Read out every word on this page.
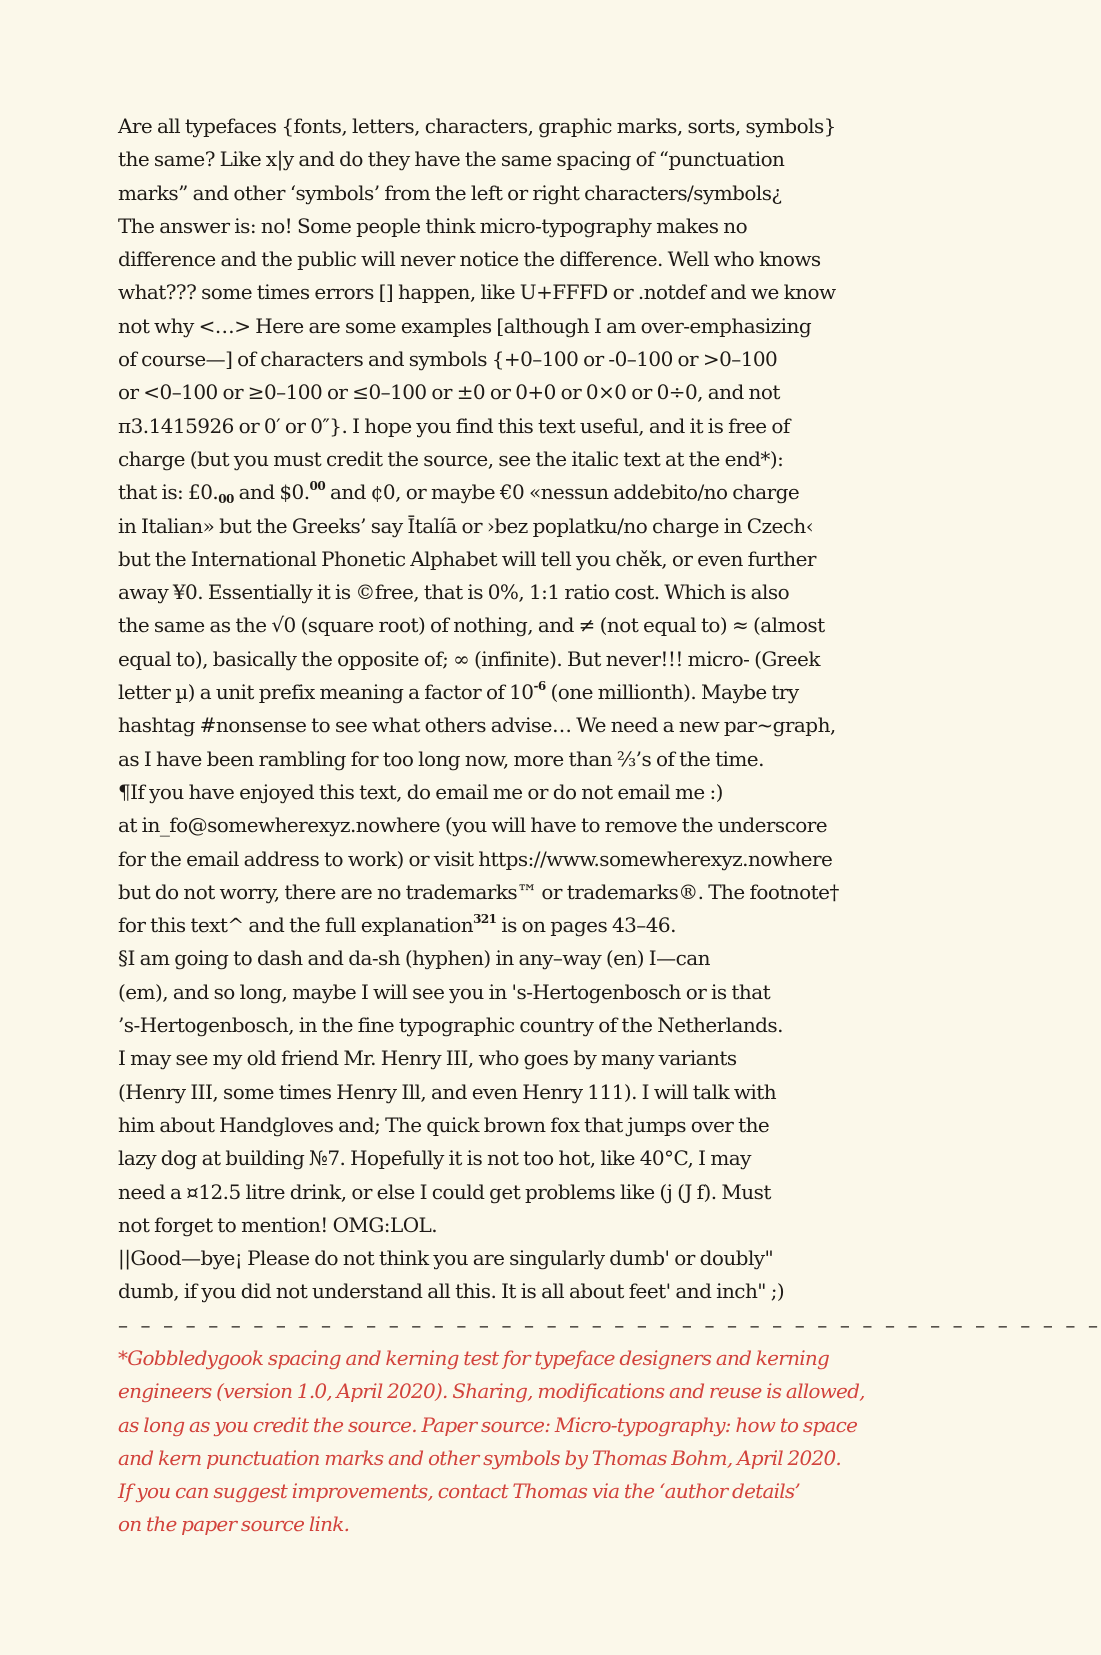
Are all typefaces {fonts, letters, characters, graphic marks, sorts, symbols}
the same? Like x|y and do they have the same spacing of “punctuation
marks” and other ‘symbols’ from the left or right characters/symbols¿
The answer is: no! Some people think micro-typography makes no
difference and the public will never notice the difference. Well who knows
what??? some times errors [] happen, like U+FFFD or .notdef and we know
not why <…> Here are some examples [although I am over-emphasizing
of course—] of characters and symbols {+0–100 or -0–100 or >0–100
or <0–100 or ≥0–100 or ≤0–100 or ±0 or 0+0 or 0×0 or 0÷0, and not
π3.1415926 or 0′ or 0″}. I hope you find this text useful, and it is free of
charge (but you must credit the source, see the italic text at the end*):
that is: $£0._{00}$ and $0.00 and ¢0, or maybe €0 «nessun addebito/no charge
in Italian» but the Greeks’ say Ītalíā or ›bez poplatku/no charge in Czech‹
but the International Phonetic Alphabet will tell you chěk, or even further
away ¥0. Essentially it is ©free, that is 0%, 1:1 ratio cost. Which is also
the same as the √0 (square root) of nothing, and ≠ (not equal to) ≈ (almost
equal to), basically the opposite of; ∞ (infinite). But never!!! micro- (Greek
letter µ) a unit prefix meaning a factor of $10^{-6}$ (one millionth). Maybe try
hashtag #nonsense to see what others advise… We need a new par~graph,
as I have been rambling for too long now, more than ⅔’s of the time.
¶If you have enjoyed this text, do email me or do not email me :)
at in_fo@somewherexyz.nowhere (you will have to remove the underscore
for the email address to work) or visit https://www.somewherexyz.nowhere
but do not worry, there are no trademarks™ or trademarks®. The footnote†
for this text^ and the full explanation$^{321}$ is on pages 43–46.
§I am going to dash and da-sh (hyphen) in any–way (en) I—can
(em), and so long, maybe I will see you in 's-Hertogenbosch or is that
’s-Hertogenbosch, in the fine typographic country of the Netherlands.
I may see my old friend Mr. Henry III, who goes by many variants
(Henry III, some times Henry Ill, and even Henry 111). I will talk with
him about Handgloves and; The quick brown fox that jumps over the
lazy dog at building №7. Hopefully it is not too hot, like 40°C, I may
need a ¤12.5 litre drink, or else I could get problems like (j (J f). Must
not forget to mention! OMG:LOL.
||Good—bye¡ Please do not think you are singularly dumb' or doubly"
dumb, if you did not understand all this. It is all about feet' and inch" ;)
– – – – – – – – – – – – – – – – – – – – – – – – – – – – – – – – – – – – – – – – – – – –
*Gobbledygook spacing and kerning test for typeface designers and kerning
engineers (version 1.0, April 2020). Sharing, modifications and reuse is allowed,
as long as you credit the source. Paper source: Micro-typography: how to space
and kern punctuation marks and other symbols by Thomas Bohm, April 2020.
If you can suggest improvements, contact Thomas via the ‘author details’
on the paper source link.
